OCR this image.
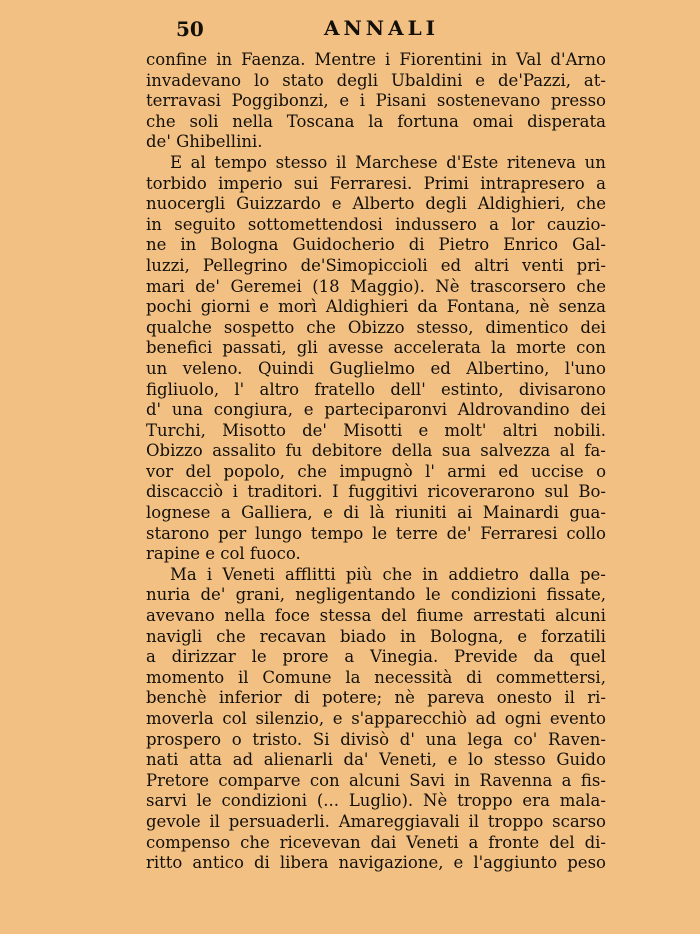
50	ANNALI
confine in Faenza. Mentre i Fiorentini in Val d'Arno
invadevano lo stato degli Ubaldini e de'Pazzi, at-
terravasi Poggibonzi, e i Pisani sostenevano presso
che soli nella Toscana la fortuna omai disperata
de' Ghibellini.
E al tempo stesso il Marchese d'Este riteneva un
torbido imperio sui Ferraresi. Primi intrapresero a
nuocergli Guizzardo e Alberto degli Aldighieri, che
in seguito sottomettendosi indussero a lor cauzio-
ne in Bologna Guidocherio di Pietro Enrico Gal-
luzzi, Pellegrino de'Simopiccioli ed altri venti pri-
mari de' Geremei (18 Maggio). Nè trascorsero che
pochi giorni e morì Aldighieri da Fontana, nè senza
qualche sospetto che Obizzo stesso, dimentico dei
benefici passati, gli avesse accelerata la morte con
un veleno. Quindi Guglielmo ed Albertino, l'uno
figliuolo, l' altro fratello dell' estinto, divisarono
d' una congiura, e parteciparonvi Aldrovandino dei
Turchi, Misotto de' Misotti e molt' altri nobili.
Obizzo assalito fu debitore della sua salvezza al fa-
vor del popolo, che impugnò l' armi ed uccise o
discacciò i traditori. I fuggitivi ricoverarono sul Bo-
lognese a Galliera, e di là riuniti ai Mainardi gua-
starono per lungo tempo le terre de' Ferraresi collo
rapine e col fuoco.
Ma i Veneti afflitti più che in addietro dalla pe-
nuria de' grani, negligentando le condizioni fissate,
avevano nella foce stessa del fiume arrestati alcuni
navigli che recavan biado in Bologna, e forzatili
a dirizzar le prore a Vinegia. Previde da quel
momento il Comune la necessità di commettersi,
benchè inferior di potere; nè pareva onesto il ri-
moverla col silenzio, e s'apparecchiò ad ogni evento
prospero o tristo. Si divisò d' una lega co' Raven-
nati atta ad alienarli da' Veneti, e lo stesso Guido
Pretore comparve con alcuni Savi in Ravenna a fis-
sarvi le condizioni (... Luglio). Nè troppo era mala-
gevole il persuaderli. Amareggiavali il troppo scarso
compenso che ricevevan dai Veneti a fronte del di-
ritto antico di libera navigazione, e l'aggiunto peso
